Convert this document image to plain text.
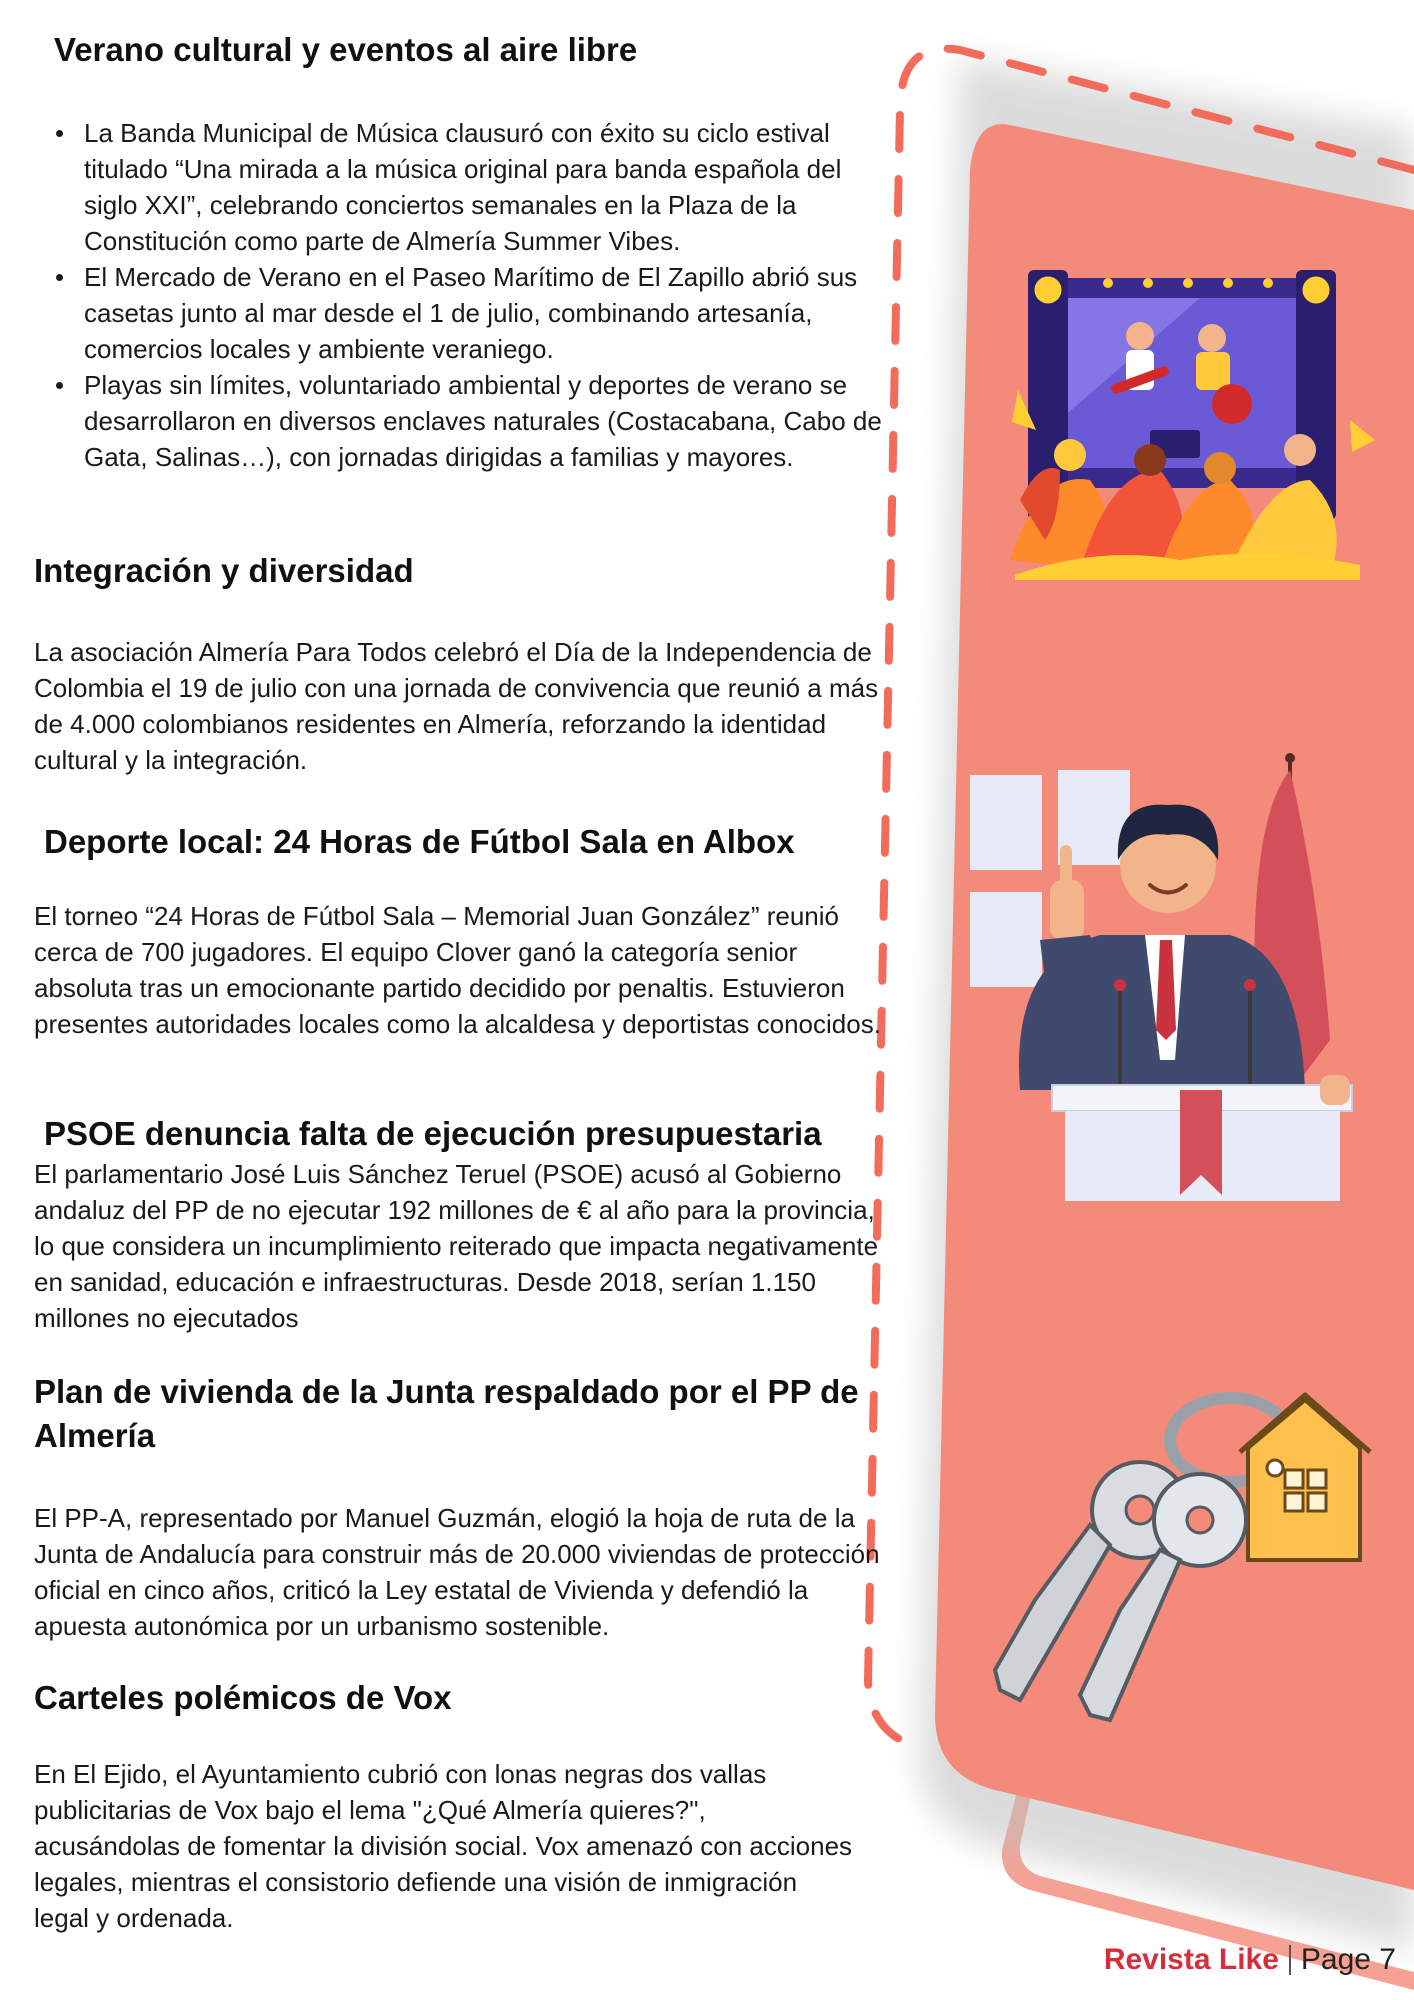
Verano cultural y eventos al aire libre
La Banda Municipal de Música clausuró con éxito su ciclo estival titulado “Una mirada a la música original para banda española del siglo XXI”, celebrando conciertos semanales en la Plaza de la Constitución como parte de Almería Summer Vibes.
El Mercado de Verano en el Paseo Marítimo de El Zapillo abrió sus casetas junto al mar desde el 1 de julio, combinando artesanía, comercios locales y ambiente veraniego.
Playas sin límites, voluntariado ambiental y deportes de verano se desarrollaron en diversos enclaves naturales (Costacabana, Cabo de Gata, Salinas…), con jornadas dirigidas a familias y mayores.
Integración y diversidad

La asociación Almería Para Todos celebró el Día de la Independencia de Colombia el 19 de julio con una jornada de convivencia que reunió a más de 4.000 colombianos residentes en Almería, reforzando la identidad cultural y la integración.

Deporte local: 24 Horas de Fútbol Sala en Albox

El torneo “24 Horas de Fútbol Sala – Memorial Juan González” reunió cerca de 700 jugadores. El equipo Clover ganó la categoría senior absoluta tras un emocionante partido decidido por penaltis. Estuvieron presentes autoridades locales como la alcaldesa y deportistas conocidos.

PSOE denuncia falta de ejecución presupuestaria

El parlamentario José Luis Sánchez Teruel (PSOE) acusó al Gobierno andaluz del PP de no ejecutar 192 millones de € al año para la provincia, lo que considera un incumplimiento reiterado que impacta negativamente en sanidad, educación e infraestructuras. Desde 2018, serían 1.150 millones no ejecutados

Plan de vivienda de la Junta respaldado por el PP de Almería

El PP-A, representado por Manuel Guzmán, elogió la hoja de ruta de la Junta de Andalucía para construir más de 20.000 viviendas de protección oficial en cinco años, criticó la Ley estatal de Vivienda y defendió la apuesta autonómica por un urbanismo sostenible.

Carteles polémicos de Vox

En El Ejido, el Ayuntamiento cubrió con lonas negras dos vallas publicitarias de Vox bajo el lema "¿Qué Almería quieres?", acusándolas de fomentar la división social. Vox amenazó con acciones legales, mientras el consistorio defiende una visión de inmigración legal y ordenada.

Revista Like Page 7
